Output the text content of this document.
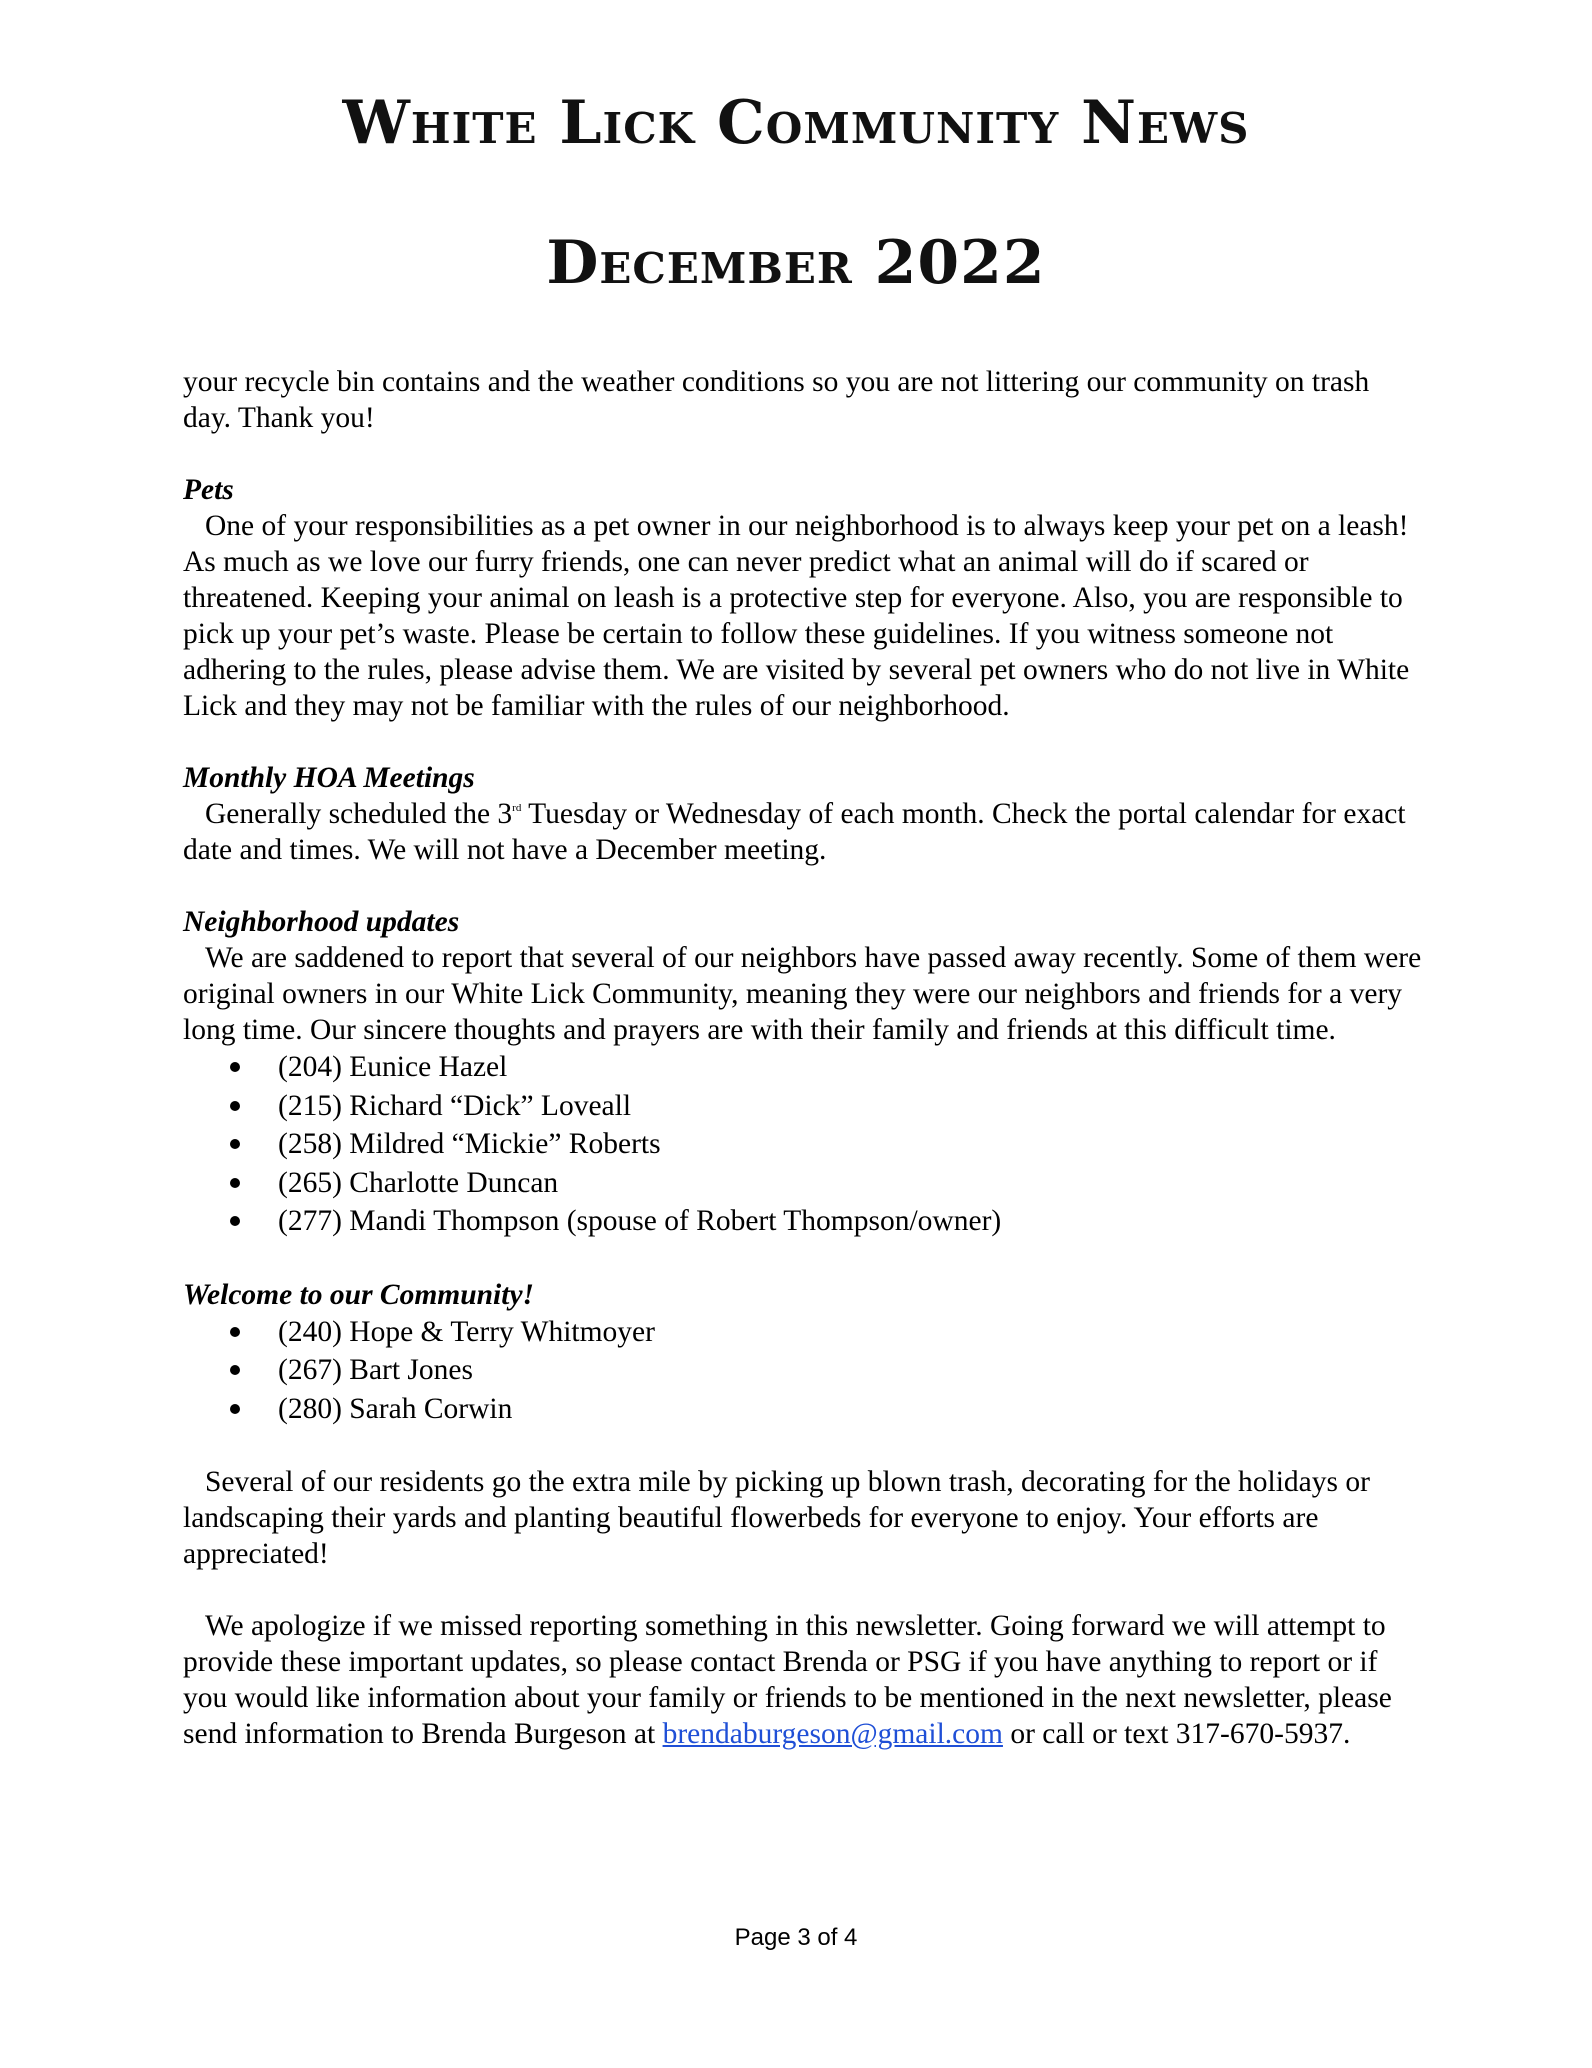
White Lick Community News
December 2022

your recycle bin contains and the weather conditions so you are not littering our community on trash day. Thank you!

Pets

One of your responsibilities as a pet owner in our neighborhood is to always keep your pet on a leash! As much as we love our furry friends, one can never predict what an animal will do if scared or threatened. Keeping your animal on leash is a protective step for everyone. Also, you are responsible to pick up your pet’s waste. Please be certain to follow these guidelines. If you witness someone not adhering to the rules, please advise them. We are visited by several pet owners who do not live in White Lick and they may not be familiar with the rules of our neighborhood.

Monthly HOA Meetings

Generally scheduled the 3rd Tuesday or Wednesday of each month. Check the portal calendar for exact date and times. We will not have a December meeting.

Neighborhood updates

We are saddened to report that several of our neighbors have passed away recently. Some of them were original owners in our White Lick Community, meaning they were our neighbors and friends for a very long time. Our sincere thoughts and prayers are with their family and friends at this difficult time.

(204) Eunice Hazel
(215) Richard “Dick” Loveall
(258) Mildred “Mickie” Roberts
(265) Charlotte Duncan
(277) Mandi Thompson (spouse of Robert Thompson/owner)

Welcome to our Community!

(240) Hope & Terry Whitmoyer
(267) Bart Jones
(280) Sarah Corwin

Several of our residents go the extra mile by picking up blown trash, decorating for the holidays or landscaping their yards and planting beautiful flowerbeds for everyone to enjoy. Your efforts are appreciated!

We apologize if we missed reporting something in this newsletter. Going forward we will attempt to provide these important updates, so please contact Brenda or PSG if you have anything to report or if you would like information about your family or friends to be mentioned in the next newsletter, please send information to Brenda Burgeson at brendaburgeson@gmail.com or call or text 317-670-5937.

Page 3 of 4
